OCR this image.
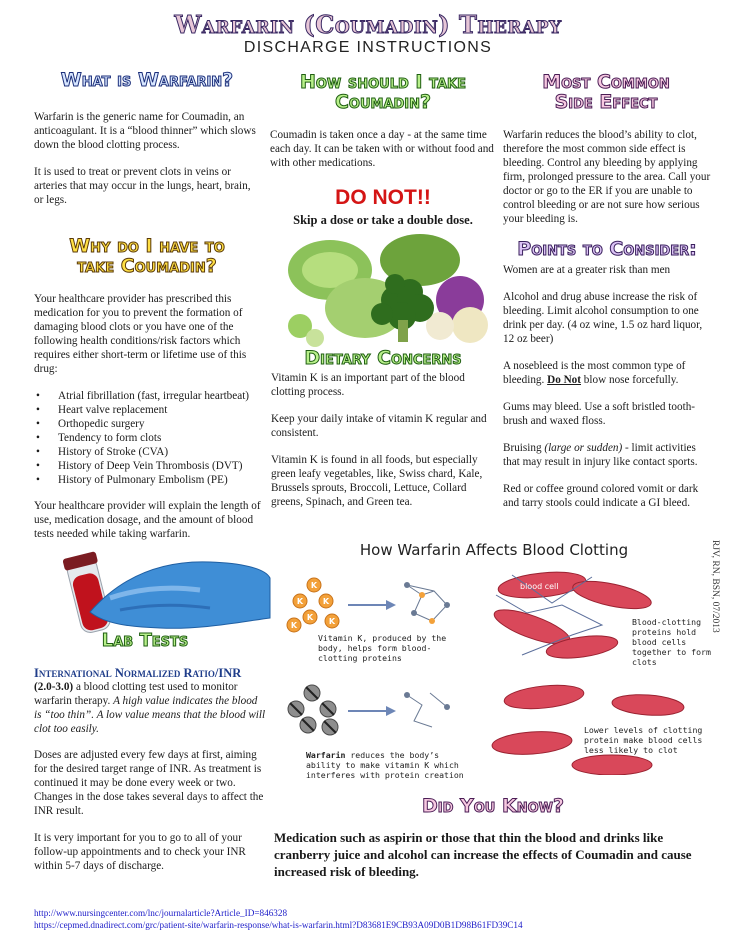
Warfarin (Coumadin) Therapy
DISCHARGE INSTRUCTIONS
What is Warfarin?

Warfarin is the generic name for Coumadin, an anticoagulant. It is a “blood thinner” which slows down the blood clotting process.

It is used to treat or prevent clots in veins or arteries that may occur in the lungs, heart, brain, or legs.

Why do I have to
take Coumadin?

Your healthcare provider has prescribed this medication for you to prevent the formation of damaging blood clots or you have one of the following health conditions/risk factors which requires either short-term or lifetime use of this drug:

• Atrial fibrillation (fast, irregular heartbeat)
• Heart valve replacement
• Orthopedic surgery
• Tendency to form clots
• History of Stroke (CVA)
• History of Deep Vein Thrombosis (DVT)
• History of Pulmonary Embolism (PE)

Your healthcare provider will explain the length of use, medication dosage, and the amount of blood tests needed while taking warfarin.

Lab Tests
International Normalized Ratio/INR

(2.0-3.0) a blood clotting test used to monitor warfarin therapy. A high value indicates the blood is “too thin”. A low value means that the blood will clot too easily.

Doses are adjusted every few days at first, aiming for the desired target range of INR. As treatment is continued it may be done every week or two. Changes in the dose takes several days to affect the INR result.

It is very important for you to go to all of your follow-up appointments and to check your INR within 5-7 days of discharge.

How should I take
Coumadin?
Coumadin is taken once a day - at the same time each day. It can be taken with or without food and with other medications.
DO NOT!!
Skip a dose or take a double dose.
Dietary Concerns

Vitamin K is an important part of the blood clotting process.

Keep your daily intake of vitamin K regular and consistent.

Vitamin K is found in all foods, but especially green leafy vegetables, like, Swiss chard, Kale, Brussels sprouts, Broccoli, Lettuce, Collard greens, Spinach, and Green tea.

Most Common
Side Effect
Warfarin reduces the blood’s ability to clot, therefore the most common side effect is bleeding. Control any bleeding by applying firm, prolonged pressure to the area. Call your doctor or go to the ER if you are unable to control bleeding or are not sure how serious your bleeding is.
Points to Consider:

Women are at a greater risk than men

Alcohol and drug abuse increase the risk of bleeding. Limit alcohol consumption to one drink per day. (4 oz wine, 1.5 oz hard liquor, 12 oz beer)

A nosebleed is the most common type of bleeding. Do Not blow nose forcefully.

Gums may bleed. Use a soft bristled tooth-brush and waxed floss.

Bruising (large or sudden) - limit activities that may result in injury like contact sports.

Red or coffee ground colored vomit or dark and tarry stools could indicate a GI bleed.

How Warfarin Affects Blood Clotting	RJV, RN, BSN, 07/2013
K
K K
K
K	K
blood cell
Vitamin K, produced by the body, helps form blood-clotting proteins
Blood-clotting proteins hold blood cells together to form clots
Warfarin reduces the body’s ability to make vitamin K which interferes with protein creation
Lower levels of clotting protein make blood cells less likely to clot
Did You Know?
Medication such as aspirin or those that thin the blood and drinks like cranberry juice and alcohol can increase the effects of Coumadin and cause increased risk of bleeding.
http://www.nursingcenter.com/lnc/journalarticle?Article_ID=846328
https://cepmed.dnadirect.com/grc/patient-site/warfarin-response/what-is-warfarin.html?D83681E9CB93A09D0B1D98B61FD39C14
